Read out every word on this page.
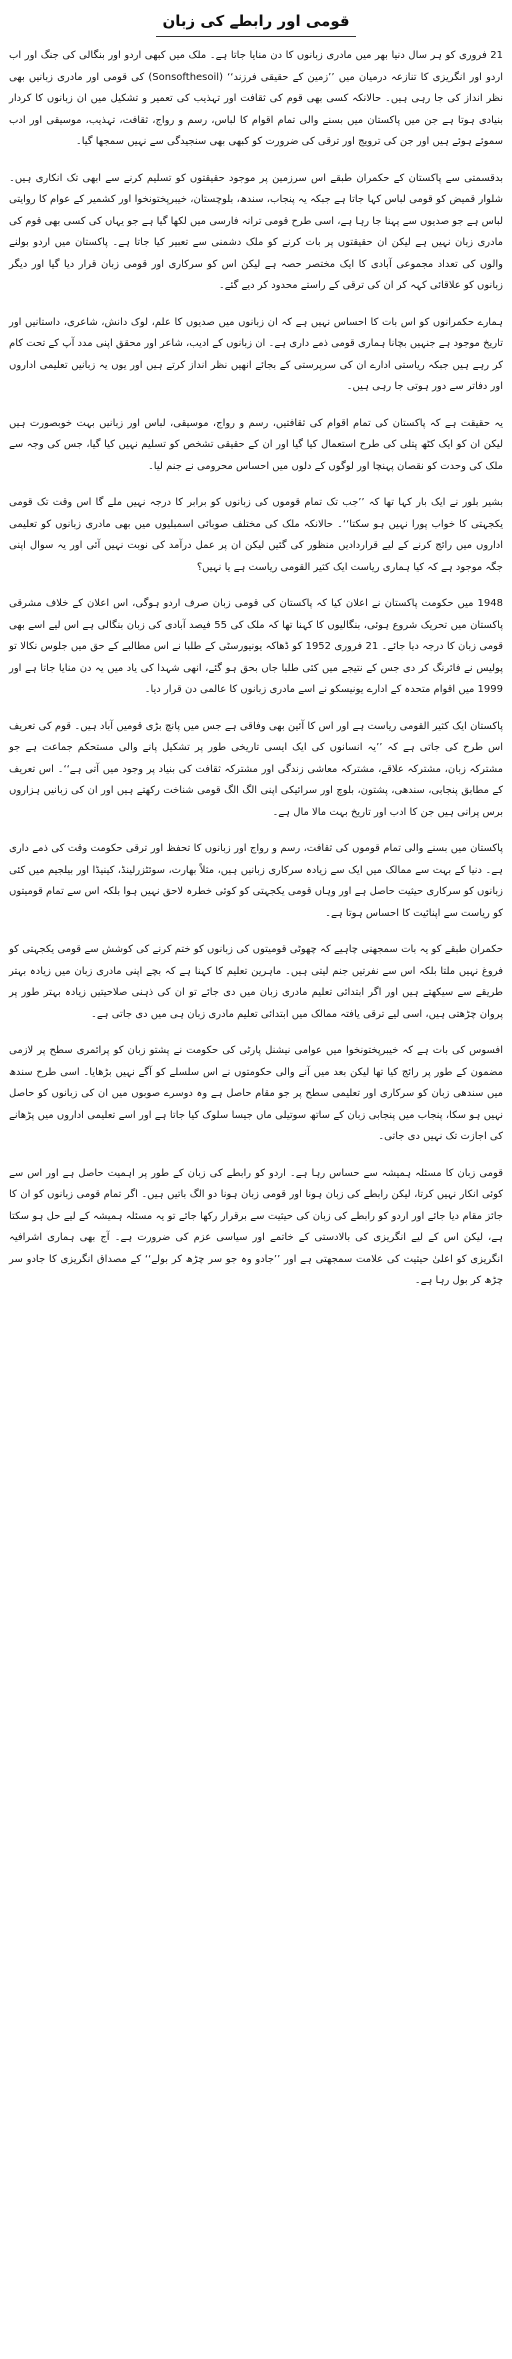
قومی اور رابطے کی زبان

21 فروری کو ہر سال دنیا بھر میں مادری زبانوں کا دن منایا جاتا ہے۔ ملک میں کبھی اردو اور بنگالی کی جنگ اور اب اردو اور انگریزی کا تنازعہ درمیان میں ’’زمین کے حقیقی فرزند‘‘ (Sonsofthesoil) کی قومی اور مادری زبانیں بھی نظر انداز کی جا رہی ہیں۔ حالانکہ کسی بھی قوم کی ثقافت اور تہذیب کی تعمیر و تشکیل میں ان زبانوں کا کردار بنیادی ہوتا ہے جن میں پاکستان میں بسنے والی تمام اقوام کا لباس، رسم و رواج، ثقافت، تہذیب، موسیقی اور ادب سموئے ہوئے ہیں اور جن کی ترویج اور ترقی کی ضرورت کو کبھی بھی سنجیدگی سے نہیں سمجھا گیا۔

بدقسمتی سے پاکستان کے حکمران طبقے اس سرزمین پر موجود حقیقتوں کو تسلیم کرنے سے ابھی تک انکاری ہیں۔ شلوار قمیض کو قومی لباس کہا جاتا ہے جبکہ یہ پنجاب، سندھ، بلوچستان، خیبرپختونخوا اور کشمیر کے عوام کا روایتی لباس ہے جو صدیوں سے پہنا جا رہا ہے، اسی طرح قومی ترانہ فارسی میں لکھا گیا ہے جو یہاں کی کسی بھی قوم کی مادری زبان نہیں ہے لیکن ان حقیقتوں پر بات کرنے کو ملک دشمنی سے تعبیر کیا جاتا ہے۔ پاکستان میں اردو بولنے والوں کی تعداد مجموعی آبادی کا ایک مختصر حصہ ہے لیکن اس کو سرکاری اور قومی زبان قرار دیا گیا اور دیگر زبانوں کو علاقائی کہہ کر ان کی ترقی کے راستے محدود کر دیے گئے۔

ہمارے حکمرانوں کو اس بات کا احساس نہیں ہے کہ ان زبانوں میں صدیوں کا علم، لوک دانش، شاعری، داستانیں اور تاریخ موجود ہے جنہیں بچانا ہماری قومی ذمے داری ہے۔ ان زبانوں کے ادیب، شاعر اور محقق اپنی مدد آپ کے تحت کام کر رہے ہیں جبکہ ریاستی ادارے ان کی سرپرستی کے بجائے انھیں نظر انداز کرتے ہیں اور یوں یہ زبانیں تعلیمی اداروں اور دفاتر سے دور ہوتی جا رہی ہیں۔

یہ حقیقت ہے کہ پاکستان کی تمام اقوام کی ثقافتیں، رسم و رواج، موسیقی، لباس اور زبانیں بہت خوبصورت ہیں لیکن ان کو ایک کٹھ پتلی کی طرح استعمال کیا گیا اور ان کے حقیقی تشخص کو تسلیم نہیں کیا گیا، جس کی وجہ سے ملک کی وحدت کو نقصان پہنچا اور لوگوں کے دلوں میں احساس محرومی نے جنم لیا۔

بشیر بلور نے ایک بار کہا تھا کہ ’’جب تک تمام قوموں کی زبانوں کو برابر کا درجہ نہیں ملے گا اس وقت تک قومی یکجہتی کا خواب پورا نہیں ہو سکتا‘‘۔ حالانکہ ملک کی مختلف صوبائی اسمبلیوں میں بھی مادری زبانوں کو تعلیمی اداروں میں رائج کرنے کے لیے قراردادیں منظور کی گئیں لیکن ان پر عمل درآمد کی نوبت نہیں آئی اور یہ سوال اپنی جگہ موجود ہے کہ کیا ہماری ریاست ایک کثیر القومی ریاست ہے یا نہیں؟

1948 میں حکومت پاکستان نے اعلان کیا کہ پاکستان کی قومی زبان صرف اردو ہوگی، اس اعلان کے خلاف مشرقی پاکستان میں تحریک شروع ہوئی، بنگالیوں کا کہنا تھا کہ ملک کی 55 فیصد آبادی کی زبان بنگالی ہے اس لیے اسے بھی قومی زبان کا درجہ دیا جائے۔ 21 فروری 1952 کو ڈھاکہ یونیورسٹی کے طلبا نے اس مطالبے کے حق میں جلوس نکالا تو پولیس نے فائرنگ کر دی جس کے نتیجے میں کئی طلبا جاں بحق ہو گئے، انھی شہدا کی یاد میں یہ دن منایا جاتا ہے اور 1999 میں اقوام متحدہ کے ادارے یونیسکو نے اسے مادری زبانوں کا عالمی دن قرار دیا۔

پاکستان ایک کثیر القومی ریاست ہے اور اس کا آئین بھی وفاقی ہے جس میں پانچ بڑی قومیں آباد ہیں۔ قوم کی تعریف اس طرح کی جاتی ہے کہ ’’یہ انسانوں کی ایک ایسی تاریخی طور پر تشکیل پانے والی مستحکم جماعت ہے جو مشترکہ زبان، مشترکہ علاقے، مشترکہ معاشی زندگی اور مشترکہ ثقافت کی بنیاد پر وجود میں آتی ہے‘‘۔ اس تعریف کے مطابق پنجابی، سندھی، پشتون، بلوچ اور سرائیکی اپنی الگ الگ قومی شناخت رکھتے ہیں اور ان کی زبانیں ہزاروں برس پرانی ہیں جن کا ادب اور تاریخ بہت مالا مال ہے۔

پاکستان میں بسنے والی تمام قوموں کی ثقافت، رسم و رواج اور زبانوں کا تحفظ اور ترقی حکومت وقت کی ذمے داری ہے۔ دنیا کے بہت سے ممالک میں ایک سے زیادہ سرکاری زبانیں ہیں، مثلاً بھارت، سوئٹزرلینڈ، کینیڈا اور بیلجیم میں کئی زبانوں کو سرکاری حیثیت حاصل ہے اور وہاں قومی یکجہتی کو کوئی خطرہ لاحق نہیں ہوا بلکہ اس سے تمام قومیتوں کو ریاست سے اپنائیت کا احساس ہوتا ہے۔

حکمران طبقے کو یہ بات سمجھنی چاہیے کہ چھوٹی قومیتوں کی زبانوں کو ختم کرنے کی کوشش سے قومی یکجہتی کو فروغ نہیں ملتا بلکہ اس سے نفرتیں جنم لیتی ہیں۔ ماہرین تعلیم کا کہنا ہے کہ بچے اپنی مادری زبان میں زیادہ بہتر طریقے سے سیکھتے ہیں اور اگر ابتدائی تعلیم مادری زبان میں دی جائے تو ان کی ذہنی صلاحیتیں زیادہ بہتر طور پر پروان چڑھتی ہیں، اسی لیے ترقی یافتہ ممالک میں ابتدائی تعلیم مادری زبان ہی میں دی جاتی ہے۔

افسوس کی بات ہے کہ خیبرپختونخوا میں عوامی نیشنل پارٹی کی حکومت نے پشتو زبان کو پرائمری سطح پر لازمی مضمون کے طور پر رائج کیا تھا لیکن بعد میں آنے والی حکومتوں نے اس سلسلے کو آگے نہیں بڑھایا۔ اسی طرح سندھ میں سندھی زبان کو سرکاری اور تعلیمی سطح پر جو مقام حاصل ہے وہ دوسرے صوبوں میں ان کی زبانوں کو حاصل نہیں ہو سکا، پنجاب میں پنجابی زبان کے ساتھ سوتیلی ماں جیسا سلوک کیا جاتا ہے اور اسے تعلیمی اداروں میں پڑھانے کی اجازت تک نہیں دی جاتی۔

قومی زبان کا مسئلہ ہمیشہ سے حساس رہا ہے۔ اردو کو رابطے کی زبان کے طور پر اہمیت حاصل ہے اور اس سے کوئی انکار نہیں کرتا، لیکن رابطے کی زبان ہونا اور قومی زبان ہونا دو الگ باتیں ہیں۔ اگر تمام قومی زبانوں کو ان کا جائز مقام دیا جائے اور اردو کو رابطے کی زبان کی حیثیت سے برقرار رکھا جائے تو یہ مسئلہ ہمیشہ کے لیے حل ہو سکتا ہے، لیکن اس کے لیے انگریزی کی بالادستی کے خاتمے اور سیاسی عزم کی ضرورت ہے۔ آج بھی ہماری اشرافیہ انگریزی کو اعلیٰ حیثیت کی علامت سمجھتی ہے اور ’’جادو وہ جو سر چڑھ کر بولے‘‘ کے مصداق انگریزی کا جادو سر چڑھ کر بول رہا ہے۔
